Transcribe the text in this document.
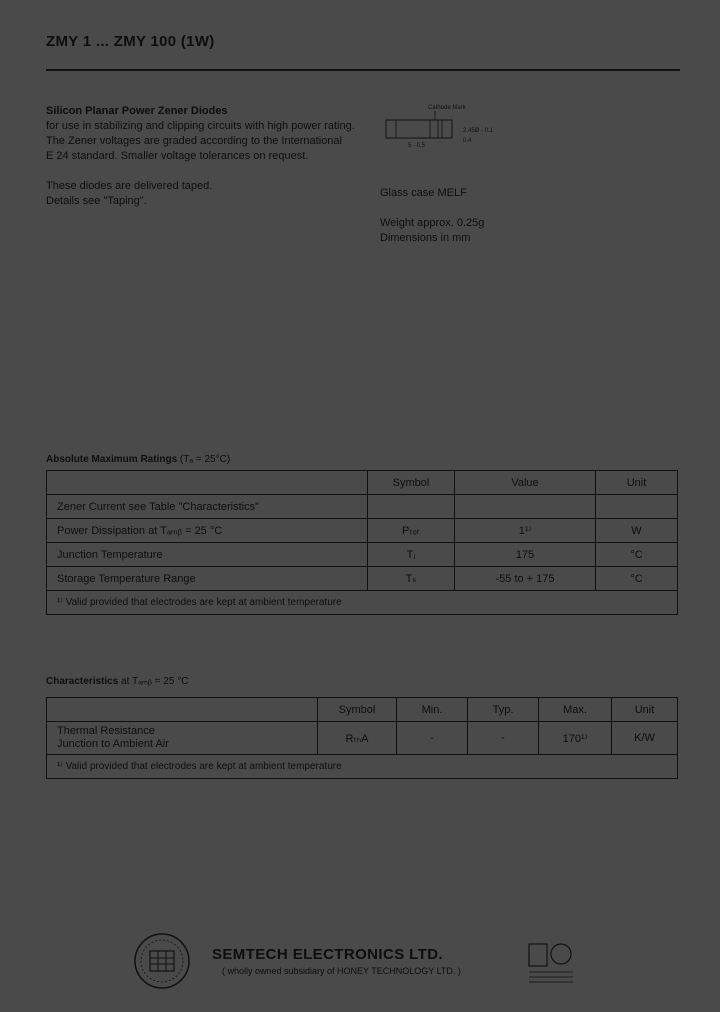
ZMY 1 ... ZMY 100 (1W)

Silicon Planar Power Zener Diodes

for use in stabilizing and clipping circuits with high power rating.

The Zener voltages are graded according to the International

E 24 standard. Smaller voltage tolerances on request.

These diodes are delivered taped.

Details see "Taping".

Cathode Mark
2.45Ø - 0.1
0.4
5 - 0.5
Glass case MELF
Weight approx. 0.25g
Dimensions in mm
Absolute Maximum Ratings (Tₐ = 25°C)
	Symbol	Value	Unit
Zener Current see Table "Characteristics"			
Power Dissipation at Tₐₘᵦ = 25 °C	Pₜₒₜ	1¹⁾	W
Junction Temperature	Tⱼ	175	°C
Storage Temperature Range	Tₛ	-55 to + 175	°C
¹⁾ Valid provided that electrodes are kept at ambient temperature			
Characteristics at Tₐₘᵦ = 25 °C
	Symbol	Min.	Typ.	Max.	Unit

Thermal Resistance
Junction to Ambient Air	RₜₕA	-	-	170¹⁾	K/W
¹⁾ Valid provided that electrodes are kept at ambient temperature					
SEMTECH ELECTRONICS LTD.
( wholly owned subsidiary of HONEY TECHNOLOGY LTD. )
